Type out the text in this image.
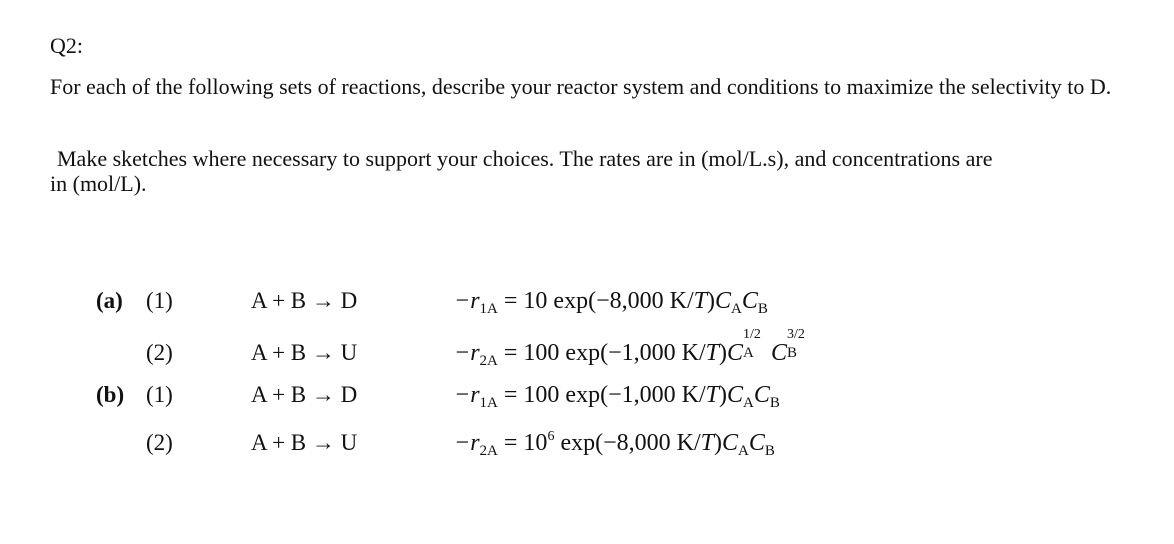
Q2:
For each of the following sets of reactions, describe your reactor system and conditions to maximize the selectivity to D.
Make sketches where necessary to support your choices. The rates are in (mol/L.s), and concentrations are
in (mol/L).
(a) (1)	A + B → D	$-r_{1A} = 10$ exp(−8,000 $K/T)C_AC_B$
(2)	A + B → U	$-r_{2A} = 100$ exp(−1,000 K/T)C
1/2
A C
3/2
B
(b) (1)	A + B → D	$-r_{1A} = 100$ exp(−1,000 $K/T)C_AC_B$
(2)	A + B → U	$-r_{2A} = 10^6$ exp(−8,000 $K/T)C_AC_B$
